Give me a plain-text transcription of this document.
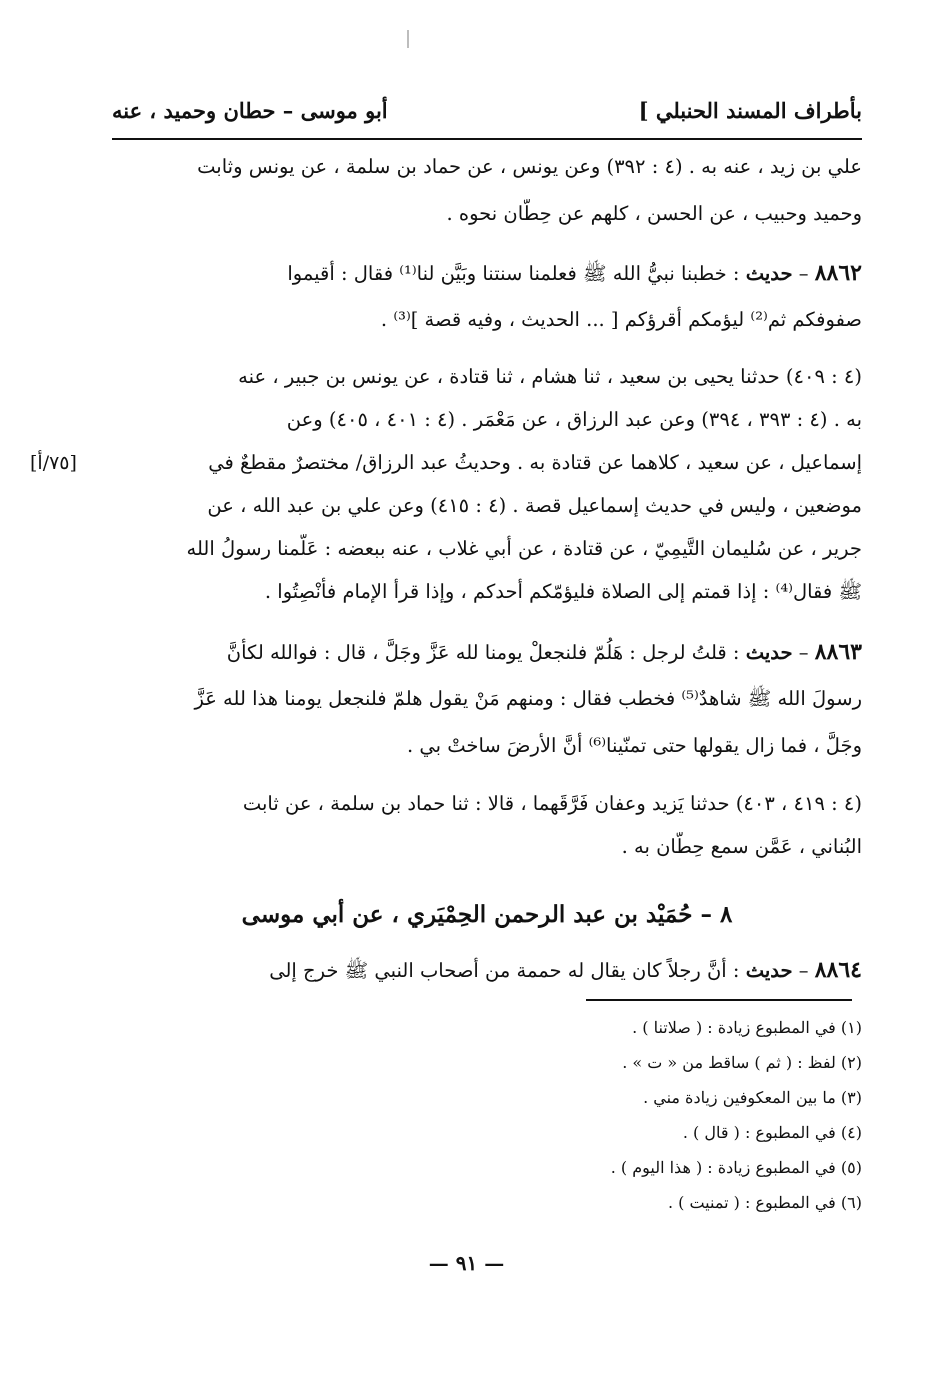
بأطراف المسند الحنبلي ]
أبو موسى – حطان وحميد ، عنه
علي بن زيد ، عنه به . (٤ : ٣٩٢) وعن يونس ، عن حماد بن سلمة ، عن يونس وثابت
وحميد وحبيب ، عن الحسن ، كلهم عن حِطّان نحوه .
٨٨٦٢ – حديث : خطبنا نبيُّ الله ﷺ فعلمنا سنتنا وبَيَّن لنا⁽¹⁾ فقال : أقيموا
صفوفكم ثم⁽²⁾ ليؤمكم أقرؤكم [ ... الحديث ، وفيه قصة ]⁽³⁾ .
(٤ : ٤٠٩) حدثنا يحيى بن سعيد ، ثنا هشام ، ثنا قتادة ، عن يونس بن جبير ، عنه
به . (٤ : ٣٩٣ ، ٣٩٤) وعن عبد الرزاق ، عن مَعْمَر . (٤ : ٤٠١ ، ٤٠٥) وعن
إسماعيل ، عن سعيد ، كلاهما عن قتادة به . وحديثُ عبد الرزاق/ مختصرٌ مقطعٌ في
موضعين ، وليس في حديث إسماعيل قصة . (٤ : ٤١٥) وعن علي بن عبد الله ، عن
جرير ، عن سُليمان التَّيمِيّ ، عن قتادة ، عن أبي غلاب ، عنه ببعضه : عَلّمنا رسولُ الله
ﷺ فقال⁽⁴⁾ : إذا قمتم إلى الصلاة فليؤمّكم أحدكم ، وإذا قرأ الإمام فأَنْصِتُوا .
[٧٥/أ]
٨٨٦٣ – حديث : قلتُ لرجل : هَلُمّ فلنجعلْ يومنا لله عَزَّ وجَلَّ ، قال : فوالله لكأنَّ
رسولَ الله ﷺ شاهدٌ⁽⁵⁾ فخطب فقال : ومنهم مَنْ يقول هلمّ فلنجعل يومنا هذا لله عَزَّ
وجَلَّ ، فما زال يقولها حتى تمنّينا⁽⁶⁾ أنَّ الأرضَ ساختْ بي .
(٤ : ٤١٩ ، ٤٠٣) حدثنا يَزيد وعفان فَرَّقَهما ، قالا : ثنا حماد بن سلمة ، عن ثابت
البُناني ، عَمَّن سمع حِطّان به .
٨ – حُمَيْد بن عبد الرحمن الحِمْيَري ، عن أبي موسى
٨٨٦٤ – حديث : أنَّ رجلاً كان يقال له حممة من أصحاب النبي ﷺ خرج إلى
(١) في المطبوع زيادة : ( صلاتنا ) .
(٢) لفظ : ( ثم ) ساقط من « ت » .
(٣) ما بين المعكوفين زيادة مني .
(٤) في المطبوع : ( قال ) .
(٥) في المطبوع زيادة : ( هذا اليوم ) .
(٦) في المطبوع : ( تمنيت ) .
— ٩١ —
